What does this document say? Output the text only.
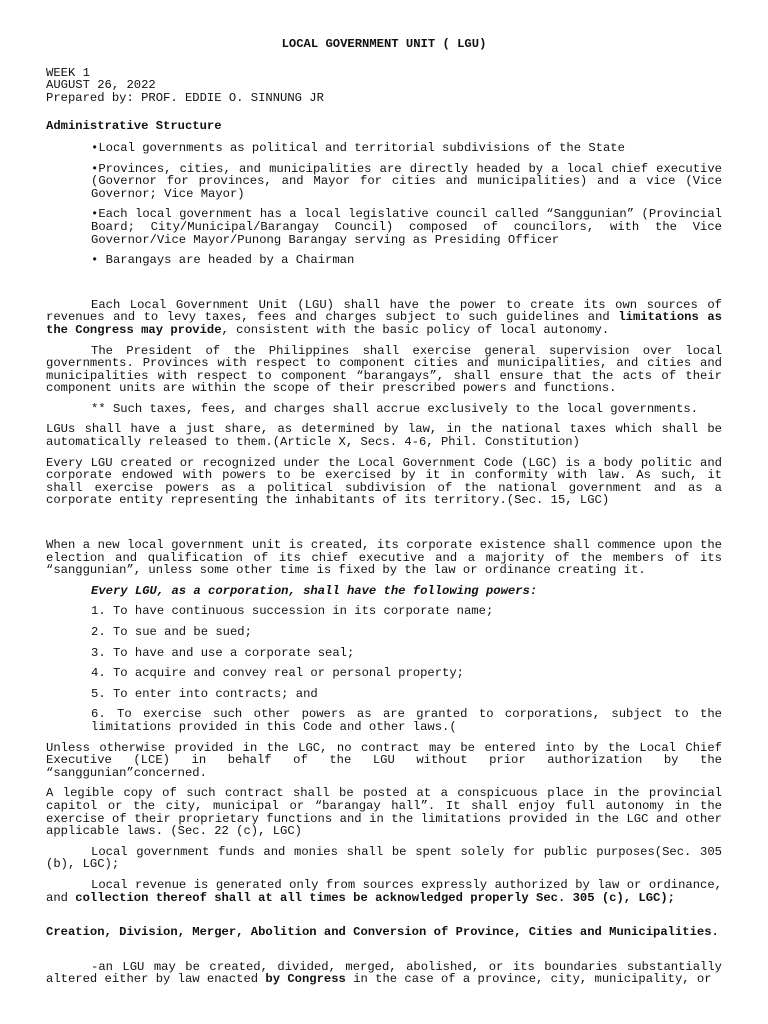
LOCAL GOVERNMENT UNIT ( LGU)
WEEK 1
AUGUST 26, 2022
Prepared by: PROF. EDDIE O. SINNUNG JR
Administrative Structure

•Local governments as political and territorial subdivisions of the State

•Provinces, cities, and municipalities are directly headed by a local chief executive (Governor for provinces, and Mayor for cities and municipalities) and a vice (Vice Governor; Vice Mayor)

•Each local government has a local legislative council called “Sanggunian” (Provincial Board; City/Municipal/Barangay Council) composed of councilors, with the Vice Governor/Vice Mayor/Punong Barangay serving as Presiding Officer

• Barangays are headed by a Chairman

Each Local Government Unit (LGU) shall have the power to create its own sources of revenues and to levy taxes, fees and charges subject to such guidelines and limitations as the Congress may provide, consistent with the basic policy of local autonomy.

The President of the Philippines shall exercise general supervision over local governments. Provinces with respect to component cities and municipalities, and cities and municipalities with respect to component “barangays”, shall ensure that the acts of their component units are within the scope of their prescribed powers and functions.

** Such taxes, fees, and charges shall accrue exclusively to the local governments.

LGUs shall have a just share, as determined by law, in the national taxes which shall be automatically released to them.(Article X, Secs. 4-6, Phil. Constitution)

Every LGU created or recognized under the Local Government Code (LGC) is a body politic and corporate endowed with powers to be exercised by it in conformity with law. As such, it shall exercise powers as a political subdivision of the national government and as a corporate entity representing the inhabitants of its territory.(Sec. 15, LGC)

When a new local government unit is created, its corporate existence shall commence upon the election and qualification of its chief executive and a majority of the members of its “sanggunian”, unless some other time is fixed by the law or ordinance creating it.

Every LGU, as a corporation, shall have the following powers:

1. To have continuous succession in its corporate name;

2. To sue and be sued;

3. To have and use a corporate seal;

4. To acquire and convey real or personal property;

5. To enter into contracts; and

6. To exercise such other powers as are granted to corporations, subject to the limitations provided in this Code and other laws.(

Unless otherwise provided in the LGC, no contract may be entered into by the Local Chief Executive (LCE) in behalf of the LGU without prior authorization by the “sanggunian”concerned.

A legible copy of such contract shall be posted at a conspicuous place in the provincial capitol or the city, municipal or “barangay hall”. It shall enjoy full autonomy in the exercise of their proprietary functions and in the limitations provided in the LGC and other applicable laws. (Sec. 22 (c), LGC)

Local government funds and monies shall be spent solely for public purposes(Sec. 305 (b), LGC);

Local revenue is generated only from sources expressly authorized by law or ordinance, and collection thereof shall at all times be acknowledged properly Sec. 305 (c), LGC);

Creation, Division, Merger, Abolition and Conversion of Province, Cities and Municipalities.

-an LGU may be created, divided, merged, abolished, or its boundaries substantially altered either by law enacted by Congress in the case of a province, city, municipality, or
